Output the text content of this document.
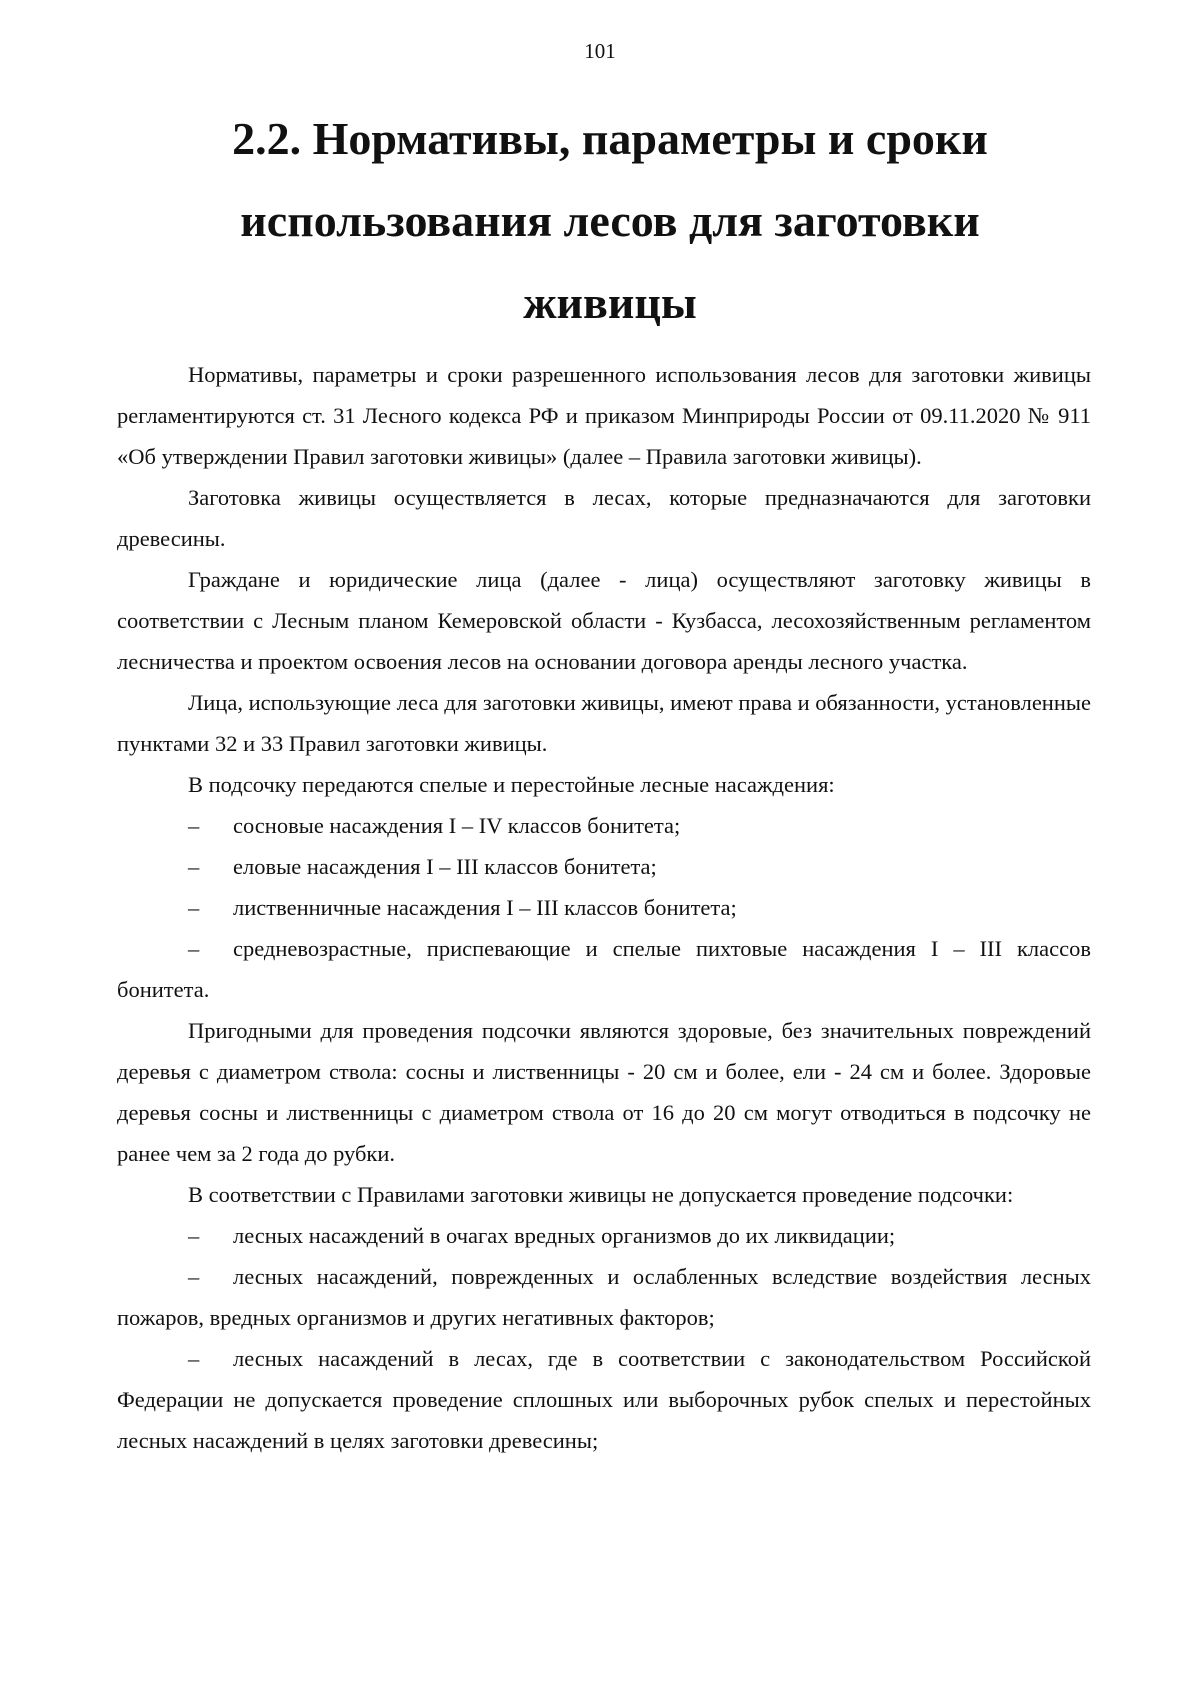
101
2.2. Нормативы, параметры и сроки
использования лесов для заготовки
живицы

Нормативы, параметры и сроки разрешенного использования лесов для заготовки живицы регламентируются ст. 31 Лесного кодекса РФ и приказом Минприроды России от 09.11.2020 № 911 «Об утверждении Правил заготовки живицы» (далее – Правила заготовки живицы).

Заготовка живицы осуществляется в лесах, которые предназначаются для заготовки древесины.

Граждане и юридические лица (далее - лица) осуществляют заготовку живицы в соответствии с Лесным планом Кемеровской области - Кузбасса, лесохозяйственным регламентом лесничества и проектом освоения лесов на основании договора аренды лесного участка.

Лица, использующие леса для заготовки живицы, имеют права и обязанности, установленные пунктами 32 и 33 Правил заготовки живицы.

В подсочку передаются спелые и перестойные лесные насаждения:

– сосновые насаждения I – IV классов бонитета;

– еловые насаждения I – III классов бонитета;

– лиственничные насаждения I – III классов бонитета;

– средневозрастные, приспевающие и спелые пихтовые насаждения I – III классов бонитета.

Пригодными для проведения подсочки являются здоровые, без значительных повреждений деревья с диаметром ствола: сосны и лиственницы - 20 см и более, ели - 24 см и более. Здоровые деревья сосны и лиственницы с диаметром ствола от 16 до 20 см могут отводиться в подсочку не ранее чем за 2 года до рубки.

В соответствии с Правилами заготовки живицы не допускается проведение подсочки:

– лесных насаждений в очагах вредных организмов до их ликвидации;

– лесных насаждений, поврежденных и ослабленных вследствие воздействия лесных пожаров, вредных организмов и других негативных факторов;

– лесных насаждений в лесах, где в соответствии с законодательством Российской Федерации не допускается проведение сплошных или выборочных рубок спелых и перестойных лесных насаждений в целях заготовки древесины;
